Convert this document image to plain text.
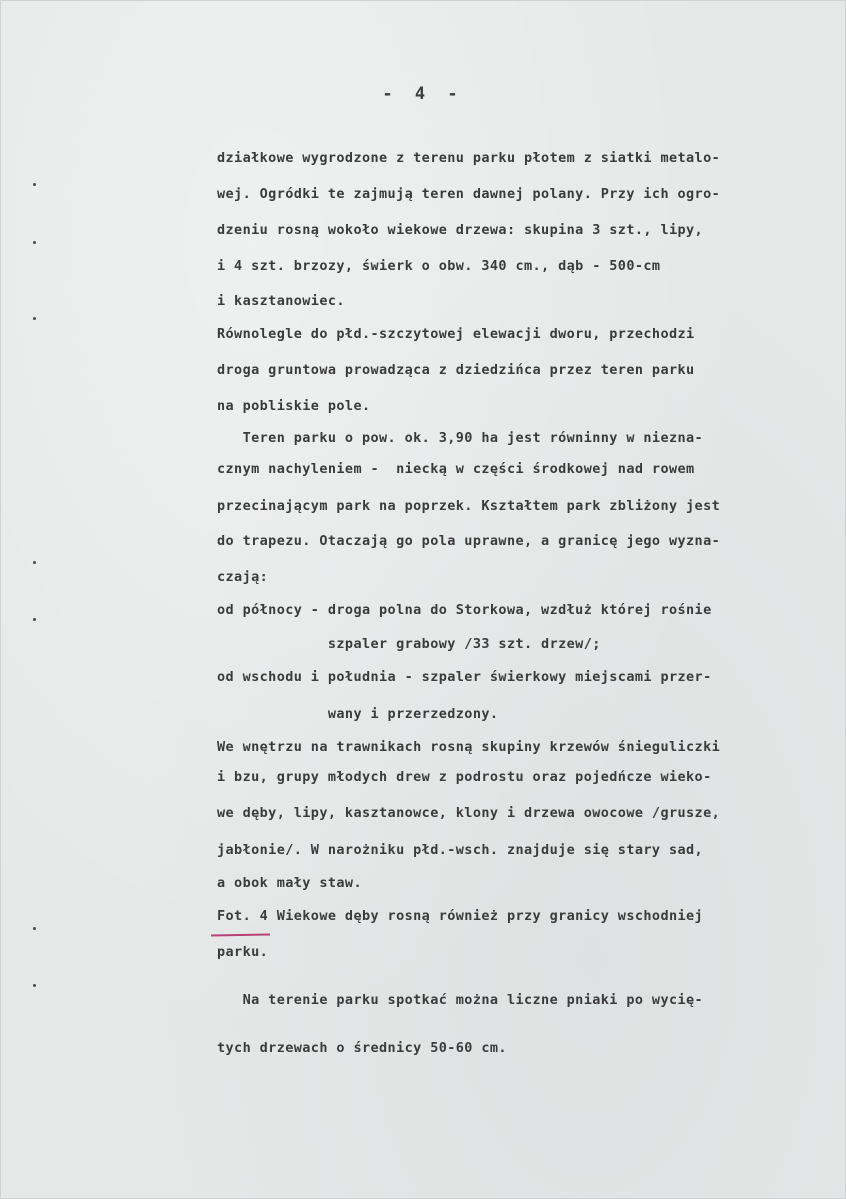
- 4 -
działkowe wygrodzone z terenu parku płotem z siatki metalo-
wej. Ogródki te zajmują teren dawnej polany. Przy ich ogro-
dzeniu rosną wokoło wiekowe drzewa: skupina 3 szt., lipy,
i 4 szt. brzozy, świerk o obw. 340 cm., dąb - 500-cm
i kasztanowiec.
Równolegle do płd.-szczytowej elewacji dworu, przechodzi
droga gruntowa prowadząca z dziedzińca przez teren parku
na pobliskie pole.
Teren parku o pow. ok. 3,90 ha jest równinny w niezna-
cznym nachyleniem -  niecką w części środkowej nad rowem
przecinającym park na poprzek. Kształtem park zbliżony jest
do trapezu. Otaczają go pola uprawne, a granicę jego wyzna-
czają:
od północy - droga polna do Storkowa, wzdłuż której rośnie
szpaler grabowy /33 szt. drzew/;
od wschodu i południa - szpaler świerkowy miejscami przer-
wany i przerzedzony.
We wnętrzu na trawnikach rosną skupiny krzewów śnieguliczki
i bzu, grupy młodych drew z podrostu oraz pojedńcze wieko-
we dęby, lipy, kasztanowce, klony i drzewa owocowe /grusze,
jabłonie/. W narożniku płd.-wsch. znajduje się stary sad,
a obok mały staw.
Fot. 4 Wiekowe dęby rosną również przy granicy wschodniej
parku.
Na terenie parku spotkać można liczne pniaki po wycię-
tych drzewach o średnicy 50-60 cm.
